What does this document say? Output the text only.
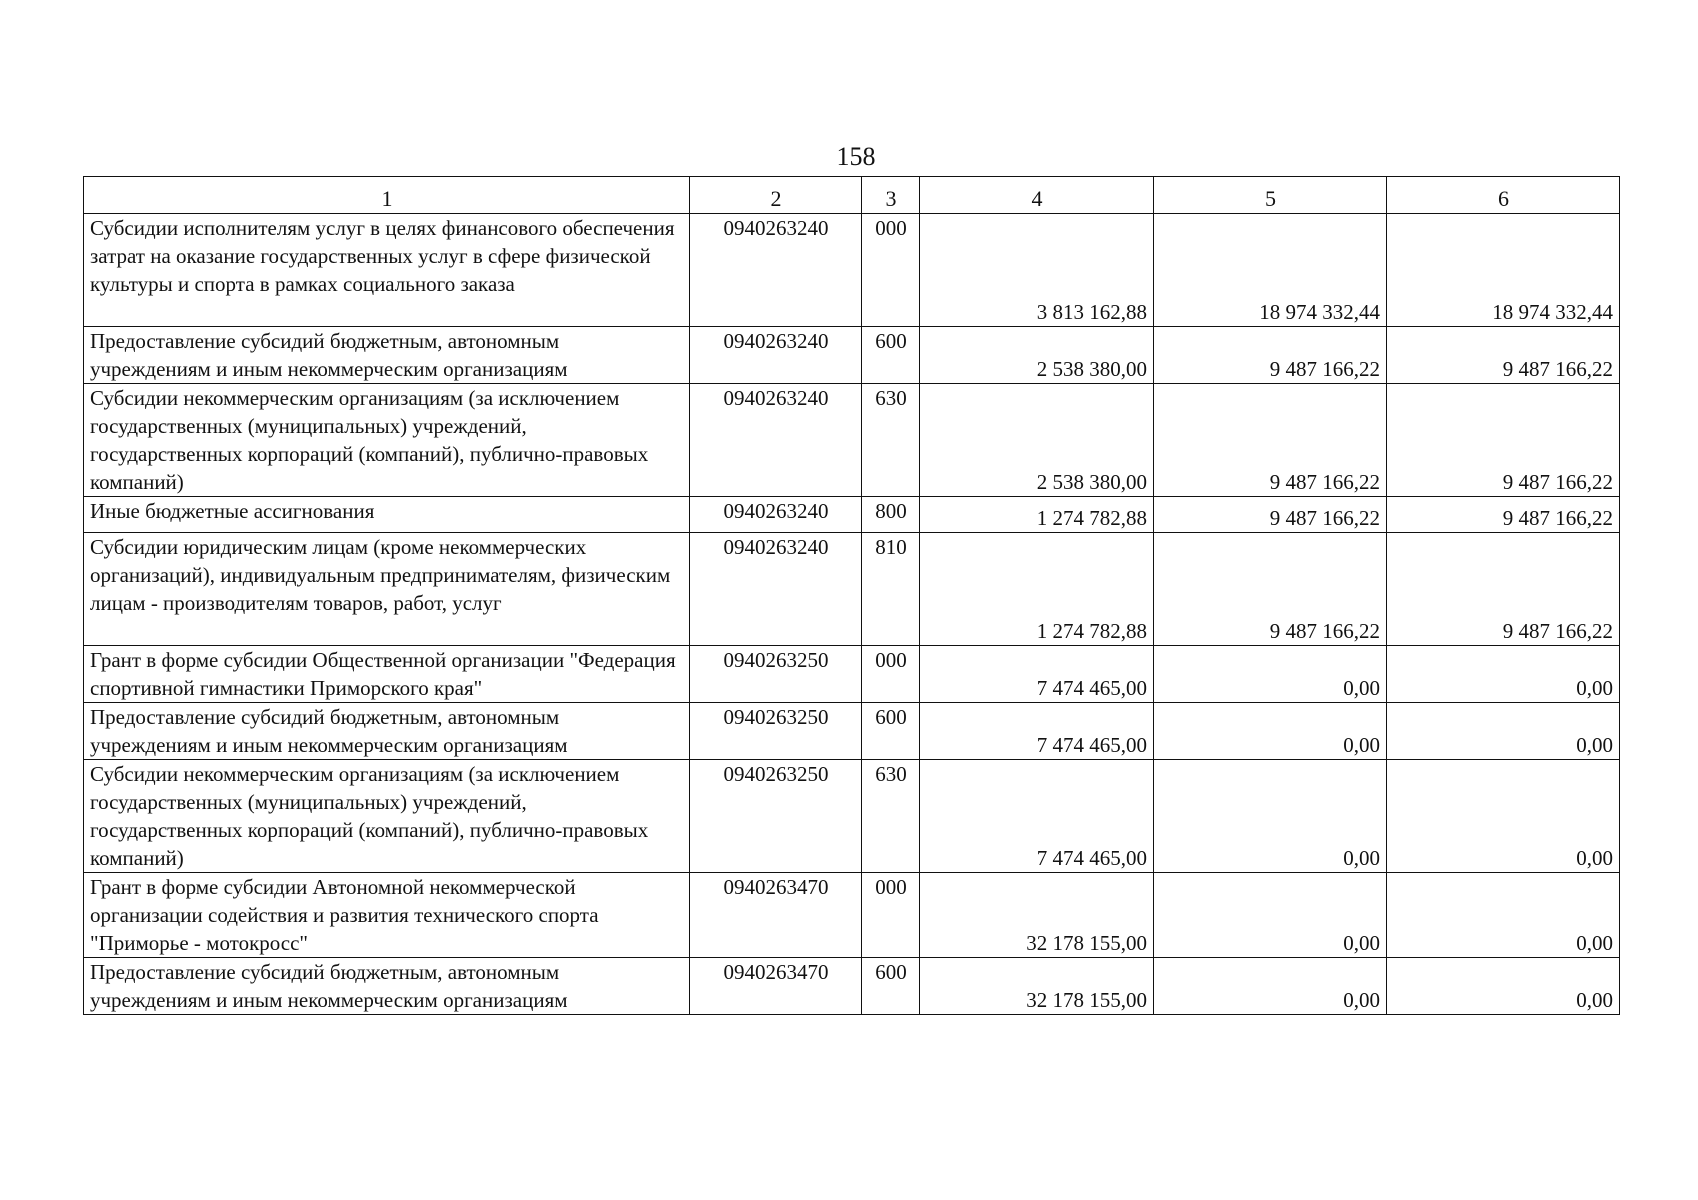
158
1	2	3	4	5	6
Субсидии исполнителям услуг в целях финансового обеспечения затрат на оказание государственных услуг в сфере физической культуры и спорта в рамках социального заказа	0940263240	000	3 813 162,88	18 974 332,44	18 974 332,44
Предоставление субсидий бюджетным, автономным учреждениям и иным некоммерческим организациям	0940263240	600	2 538 380,00	9 487 166,22	9 487 166,22
Субсидии некоммерческим организациям (за исключением государственных (муниципальных) учреждений, государственных корпораций (компаний), публично-правовых компаний)	0940263240	630	2 538 380,00	9 487 166,22	9 487 166,22
Иные бюджетные ассигнования	0940263240	800	1 274 782,88	9 487 166,22	9 487 166,22
Субсидии юридическим лицам (кроме некоммерческих организаций), индивидуальным предпринимателям, физическим лицам - производителям товаров, работ, услуг	0940263240	810	1 274 782,88	9 487 166,22	9 487 166,22
Грант в форме субсидии Общественной организации "Федерация спортивной гимнастики Приморского края"	0940263250	000	7 474 465,00	0,00	0,00
Предоставление субсидий бюджетным, автономным учреждениям и иным некоммерческим организациям	0940263250	600	7 474 465,00	0,00	0,00
Субсидии некоммерческим организациям (за исключением государственных (муниципальных) учреждений, государственных корпораций (компаний), публично-правовых компаний)	0940263250	630	7 474 465,00	0,00	0,00
Грант в форме субсидии Автономной некоммерческой организации содействия и развития технического спорта "Приморье - мотокросс"	0940263470	000	32 178 155,00	0,00	0,00
Предоставление субсидий бюджетным, автономным учреждениям и иным некоммерческим организациям	0940263470	600	32 178 155,00	0,00	0,00
